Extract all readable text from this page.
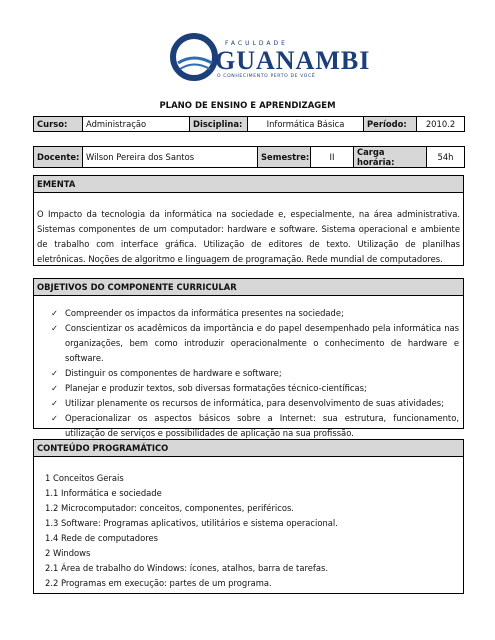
FACULDADE
GUANAMBI
O CONHECIMENTO PERTO DE VOCÊ
PLANO DE ENSINO E APRENDIZAGEM
Curso:	Administração	Disciplina:	Informática Básica	Período:	2010.2
Docente:	Wilson Pereira dos Santos	Semestre:	II	Carga horária:	54h
EMENTA
O Impacto da tecnologia da informática na sociedade e, especialmente, na área administrativa. Sistemas componentes de um computador: hardware e software. Sistema operacional e ambiente de trabalho com interface gráfica. Utilização de editores de texto. Utilização de planilhas eletrônicas. Noções de algoritmo e linguagem de programação. Rede mundial de computadores.
OBJETIVOS DO COMPONENTE CURRICULAR
✓ Compreender os impactos da informática presentes na sociedade;
✓ Conscientizar os acadêmicos da importância e do papel desempenhado pela informática nas organizações, bem como introduzir operacionalmente o conhecimento de hardware e software.
✓ Distinguir os componentes de hardware e software;
✓ Planejar e produzir textos, sob diversas formatações técnico-científicas;
✓ Utilizar plenamente os recursos de informática, para desenvolvimento de suas atividades;
✓ Operacionalizar os aspectos básicos sobre a Internet: sua estrutura, funcionamento, utilização de serviços e possibilidades de aplicação na sua profissão.
CONTEÚDO PROGRAMÁTICO
1 Conceitos Gerais
1.1 Informática e sociedade
1.2 Microcomputador: conceitos, componentes, periféricos.
1.3 Software: Programas aplicativos, utilitários e sistema operacional.
1.4 Rede de computadores
2 Windows
2.1 Área de trabalho do Windows: ícones, atalhos, barra de tarefas.
2.2 Programas em execução: partes de um programa.
